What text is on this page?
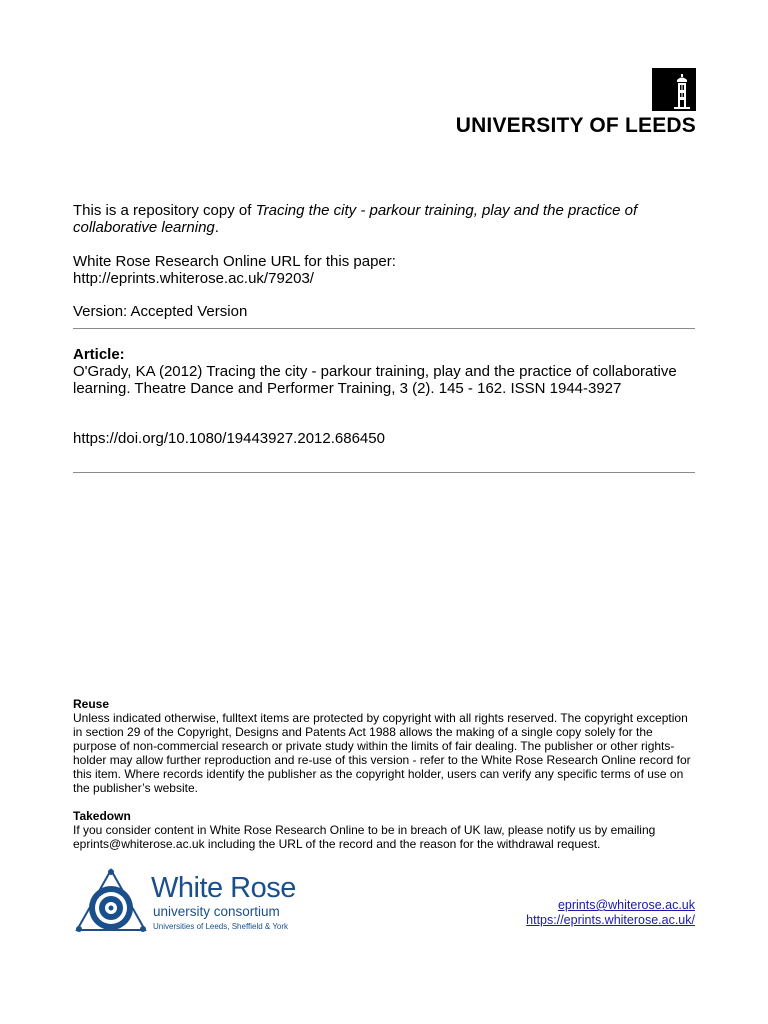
UNIVERSITY OF LEEDS
This is a repository copy of Tracing the city - parkour training, play and the practice of collaborative learning.
White Rose Research Online URL for this paper:
http://eprints.whiterose.ac.uk/79203/
Version: Accepted Version
Article:
O'Grady, KA (2012) Tracing the city - parkour training, play and the practice of collaborative learning. Theatre Dance and Performer Training, 3 (2). 145 - 162. ISSN 1944-3927
https://doi.org/10.1080/19443927.2012.686450
Reuse
Unless indicated otherwise, fulltext items are protected by copyright with all rights reserved. The copyright exception in section 29 of the Copyright, Designs and Patents Act 1988 allows the making of a single copy solely for the purpose of non-commercial research or private study within the limits of fair dealing. The publisher or other rights-holder may allow further reproduction and re-use of this version - refer to the White Rose Research Online record for this item. Where records identify the publisher as the copyright holder, users can verify any specific terms of use on the publisher’s website.
Takedown
If you consider content in White Rose Research Online to be in breach of UK law, please notify us by emailing eprints@whiterose.ac.uk including the URL of the record and the reason for the withdrawal request.
White Rose
university consortium
Universities of Leeds, Sheffield & York
eprints@whiterose.ac.uk
https://eprints.whiterose.ac.uk/
